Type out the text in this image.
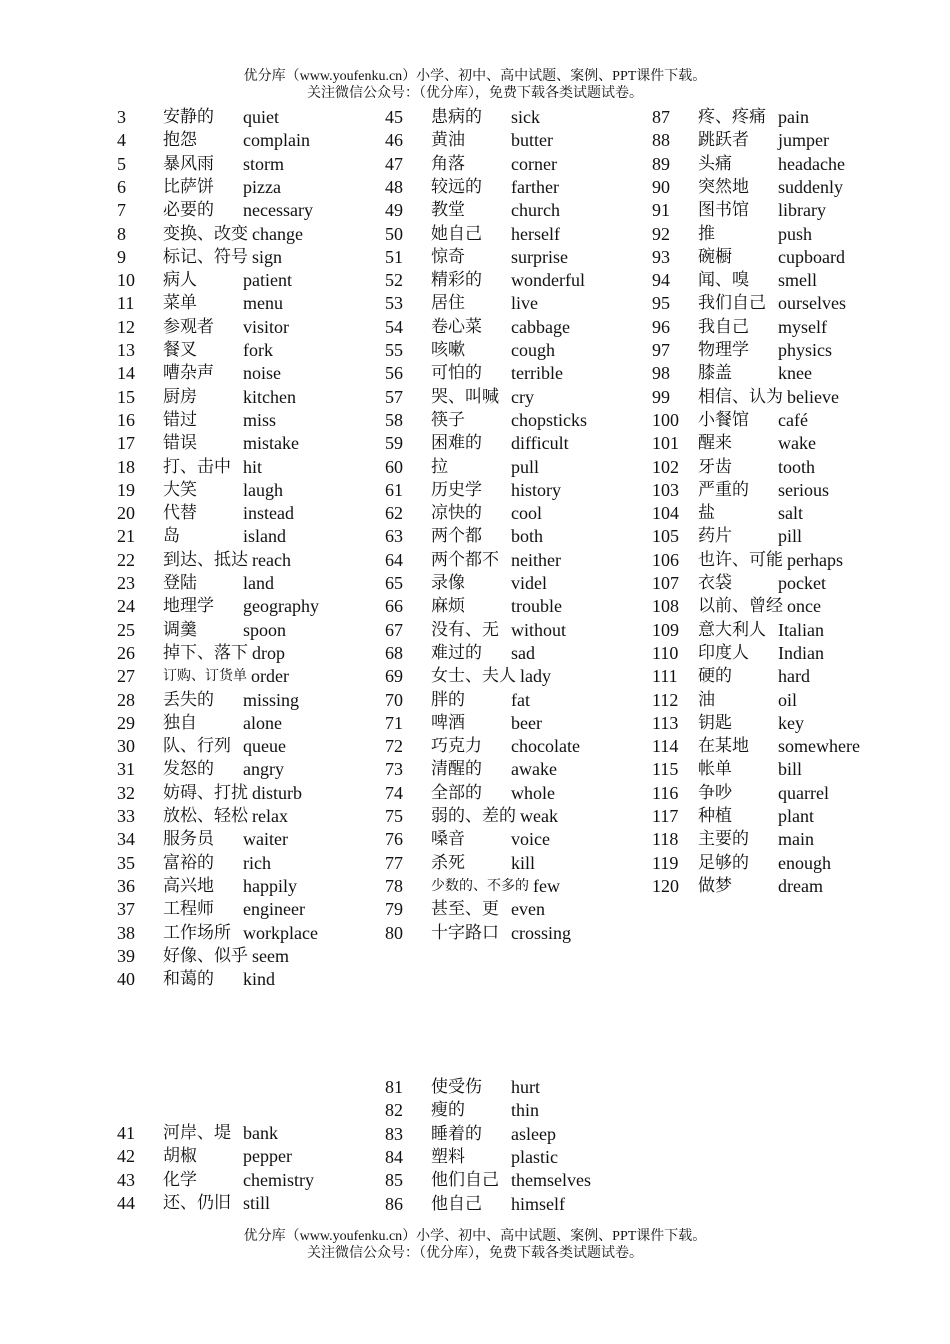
优分库（www.youfenku.cn）小学、初中、高中试题、案例、PPT课件下载。
关注微信公众号：（优分库），免费下载各类试题试卷。
3 安静的 quiet
4 抱怨	complain
5 暴风雨 storm
6 比萨饼 pizza
7 必要的 necessary
8 变换、改变 change
9 标记、符号 sign
10 病人	patient
11 菜单	menu
12 参观者 visitor
13 餐叉	fork
14 嘈杂声 noise
15 厨房	kitchen
16 错过	miss
17 错误	mistake
18 打、击中 hit
19 大笑	laugh
20 代替	instead
21 岛	island
22 到达、抵达 reach
23 登陆	land
24 地理学 geography
25 调羹	spoon
26 掉下、落下 drop
27 订购、订货单 order
28 丢失的 missing
29 独自	alone
30 队、行列 queue
31 发怒的 angry
32 妨碍、打扰 disturb
33 放松、轻松 relax
34 服务员 waiter
35 富裕的 rich
36 高兴地 happily
37 工程师 engineer
38 工作场所 workplace
39 好像、似乎 seem
40 和蔼的 kind
41 河岸、堤 bank
42 胡椒	pepper
43 化学	chemistry
44 还、仍旧 still
45 患病的 sick
46 黄油	butter
47 角落	corner
48 较远的 farther
49 教堂	church
50 她自己 herself
51 惊奇	surprise
52 精彩的 wonderful
53 居住	live
54 卷心菜 cabbage
55 咳嗽	cough
56 可怕的 terrible
57 哭、叫喊 cry
58 筷子	chopsticks
59 困难的 difficult
60 拉	pull
61 历史学 history
62 凉快的 cool
63 两个都 both
64 两个都不 neither
65 录像	videl
66 麻烦	trouble
67 没有、无 without
68 难过的 sad
69 女士、夫人 lady
70 胖的	fat
71 啤酒	beer
72 巧克力 chocolate
73 清醒的 awake
74 全部的 whole
75 弱的、差的 weak
76 嗓音	voice
77 杀死	kill
78 少数的、不多的 few
79 甚至、更 even
80 十字路口 crossing
81 使受伤 hurt
82 瘦的	thin
83 睡着的 asleep
84 塑料	plastic
85 他们自己 themselves
86 他自己 himself
87 疼、疼痛 pain
88 跳跃者 jumper
89 头痛	headache
90 突然地 suddenly
91 图书馆 library
92 推	push
93 碗橱	cupboard
94 闻、嗅 smell
95 我们自己 ourselves
96 我自己 myself
97 物理学 physics
98 膝盖	knee
99 相信、认为 believe
100 小餐馆 café
101 醒来	wake
102 牙齿	tooth
103 严重的 serious
104 盐	salt
105 药片	pill
106 也许、可能 perhaps
107 衣袋	pocket
108 以前、曾经 once
109 意大利人 Italian
110 印度人 Indian
111 硬的	hard
112 油	oil
113 钥匙	key
114 在某地 somewhere
115 帐单	bill
116 争吵	quarrel
117 种植	plant
118 主要的 main
119 足够的 enough
120 做梦	dream
优分库（www.youfenku.cn）小学、初中、高中试题、案例、PPT课件下载。
关注微信公众号：（优分库），免费下载各类试题试卷。
